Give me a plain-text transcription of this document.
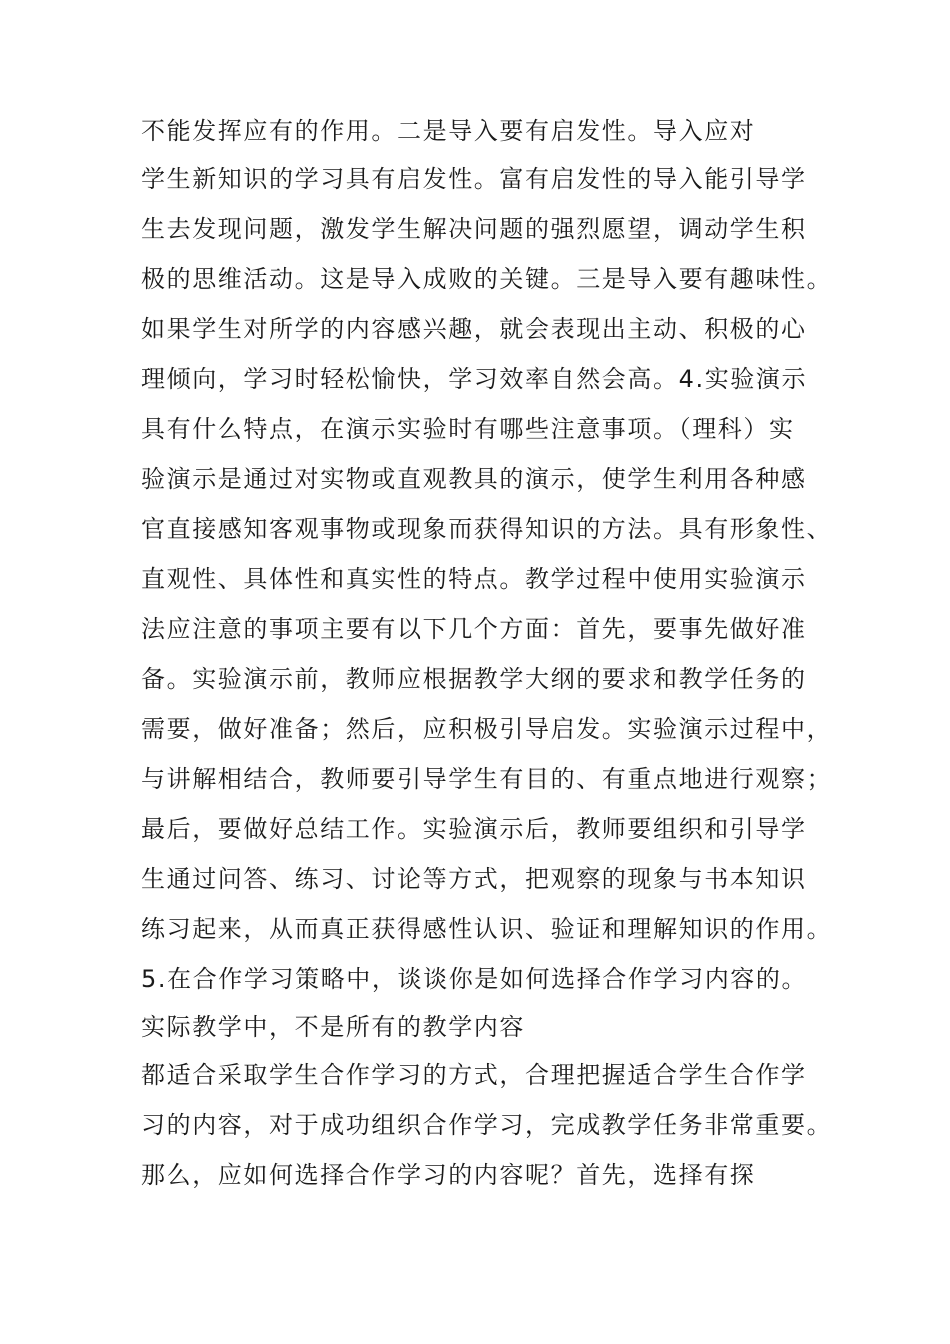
不能发挥应有的作用。二是导入要有启发性。导入应对
学生新知识的学习具有启发性。富有启发性的导入能引导学
生去发现问题，激发学生解决问题的强烈愿望，调动学生积
极的思维活动。这是导入成败的关键。三是导入要有趣味性。
如果学生对所学的内容感兴趣，就会表现出主动、积极的心
理倾向，学习时轻松愉快，学习效率自然会高。4.实验演示
具有什么特点，在演示实验时有哪些注意事项。（理科）实
验演示是通过对实物或直观教具的演示，使学生利用各种感
官直接感知客观事物或现象而获得知识的方法。具有形象性、
直观性、具体性和真实性的特点。教学过程中使用实验演示
法应注意的事项主要有以下几个方面：首先，要事先做好准
备。实验演示前，教师应根据教学大纲的要求和教学任务的
需要，做好准备；然后，应积极引导启发。实验演示过程中，
与讲解相结合，教师要引导学生有目的、有重点地进行观察；
最后，要做好总结工作。实验演示后，教师要组织和引导学
生通过问答、练习、讨论等方式，把观察的现象与书本知识
练习起来，从而真正获得感性认识、验证和理解知识的作用。
5.在合作学习策略中，谈谈你是如何选择合作学习内容的。
实际教学中，不是所有的教学内容
都适合采取学生合作学习的方式，合理把握适合学生合作学
习的内容，对于成功组织合作学习，完成教学任务非常重要。
那么，应如何选择合作学习的内容呢？首先，选择有探
